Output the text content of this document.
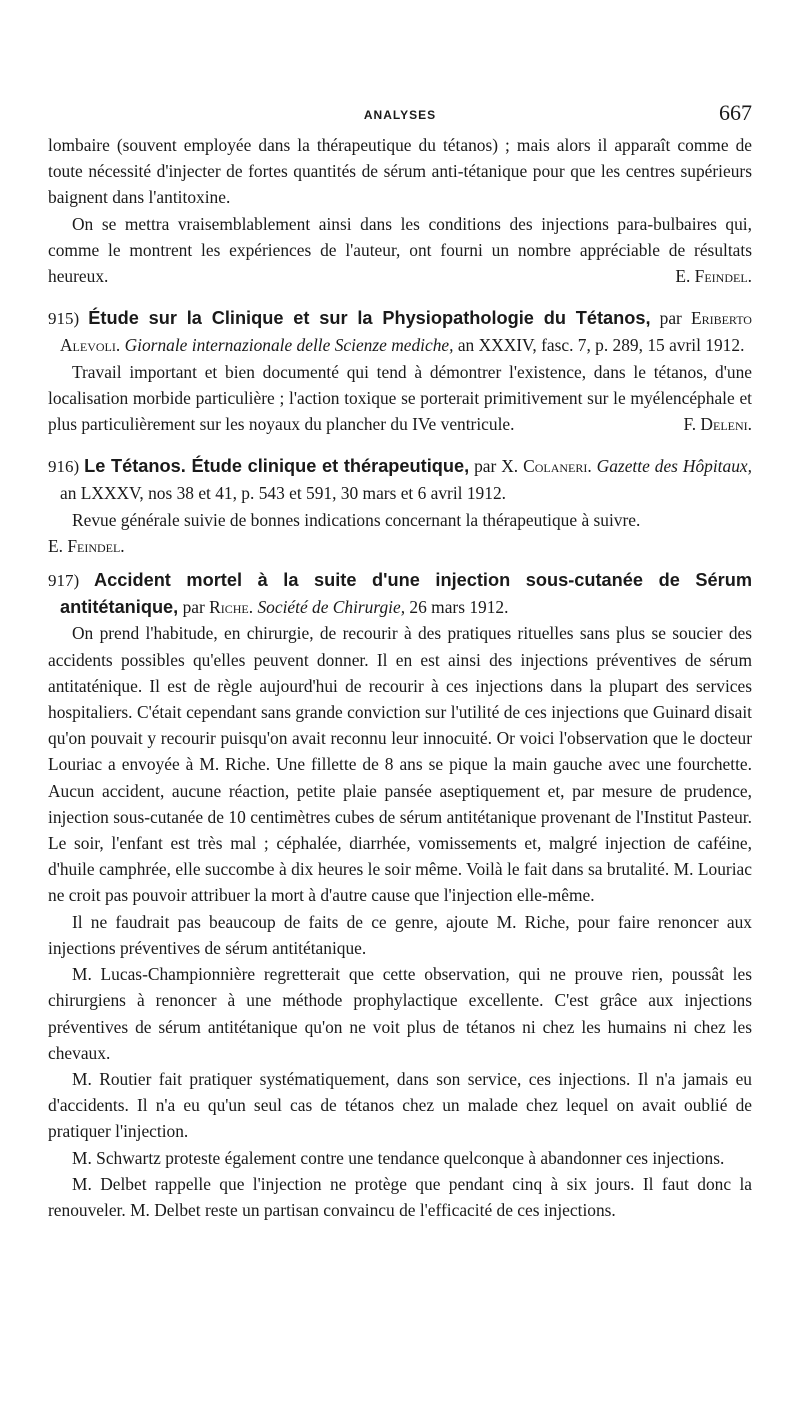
ANALYSES	667

lombaire (souvent employée dans la thérapeutique du tétanos) ; mais alors il apparaît comme de toute nécessité d'injecter de fortes quantités de sérum anti-tétanique pour que les centres supérieurs baignent dans l'antitoxine.

On se mettra vraisemblablement ainsi dans les conditions des injections para-bulbaires qui, comme le montrent les expériences de l'auteur, ont fourni un nombre appréciable de résultats heureux.	E. Feindel.

915) Étude sur la Clinique et sur la Physiopathologie du Tétanos, par Eriberto Alevoli. Giornale internazionale delle Scienze mediche, an XXXIV, fasc. 7, p. 289, 15 avril 1912.

Travail important et bien documenté qui tend à démontrer l'existence, dans le tétanos, d'une localisation morbide particulière ; l'action toxique se porterait primitivement sur le myélencéphale et plus particulièrement sur les noyaux du plancher du IVe ventricule.	F. Deleni.

916) Le Tétanos. Étude clinique et thérapeutique, par X. Colaneri. Gazette des Hôpitaux, an LXXXV, nos 38 et 41, p. 543 et 591, 30 mars et 6 avril 1912.

Revue générale suivie de bonnes indications concernant la thérapeutique à suivre.

E. Feindel.

917) Accident mortel à la suite d'une injection sous-cutanée de Sérum antitétanique, par Riche. Société de Chirurgie, 26 mars 1912.

On prend l'habitude, en chirurgie, de recourir à des pratiques rituelles sans plus se soucier des accidents possibles qu'elles peuvent donner. Il en est ainsi des injections préventives de sérum antitaténique. Il est de règle aujourd'hui de recourir à ces injections dans la plupart des services hospitaliers. C'était cependant sans grande conviction sur l'utilité de ces injections que Guinard disait qu'on pouvait y recourir puisqu'on avait reconnu leur innocuité. Or voici l'observation que le docteur Louriac a envoyée à M. Riche. Une fillette de 8 ans se pique la main gauche avec une fourchette. Aucun accident, aucune réaction, petite plaie pansée aseptiquement et, par mesure de prudence, injection sous-cutanée de 10 centimètres cubes de sérum antitétanique provenant de l'Institut Pasteur. Le soir, l'enfant est très mal ; céphalée, diarrhée, vomissements et, malgré injection de caféine, d'huile camphrée, elle succombe à dix heures le soir même. Voilà le fait dans sa brutalité. M. Louriac ne croit pas pouvoir attribuer la mort à d'autre cause que l'injection elle-même.

Il ne faudrait pas beaucoup de faits de ce genre, ajoute M. Riche, pour faire renoncer aux injections préventives de sérum antitétanique.

M. Lucas-Championnière regretterait que cette observation, qui ne prouve rien, poussât les chirurgiens à renoncer à une méthode prophylactique excellente. C'est grâce aux injections préventives de sérum antitétanique qu'on ne voit plus de tétanos ni chez les humains ni chez les chevaux.

M. Routier fait pratiquer systématiquement, dans son service, ces injections. Il n'a jamais eu d'accidents. Il n'a eu qu'un seul cas de tétanos chez un malade chez lequel on avait oublié de pratiquer l'injection.

M. Schwartz proteste également contre une tendance quelconque à abandonner ces injections.

M. Delbet rappelle que l'injection ne protège que pendant cinq à six jours. Il faut donc la renouveler. M. Delbet reste un partisan convaincu de l'efficacité de ces injections.
